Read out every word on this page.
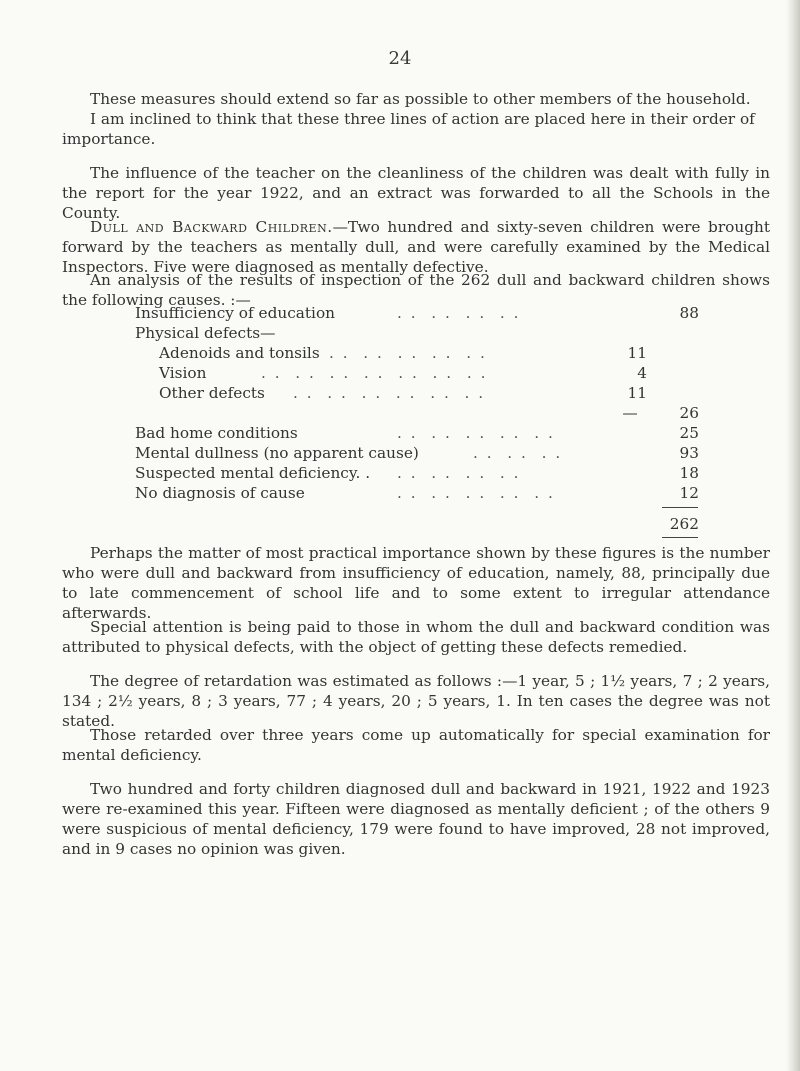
24

These measures should extend so far as possible to other members of the household.

I am inclined to think that these three lines of action are placed here in their order of

importance.

The influence of the teacher on the cleanliness of the children was dealt with fully in the report for the year 1922, and an extract was forwarded to all the Schools in the County.

Dull and Backward Children.—Two hundred and sixty-seven children were brought forward by the teachers as mentally dull, and were carefully examined by the Medical Inspectors. Five were diagnosed as mentally defective.

An analysis of the results of inspection of the 262 dull and backward children shows the following causes. :—

Insufficiency of education	. .  . .  . .  . .	88
Physical defects—
Adenoids and tonsils . .  . .  . .  . .  . .	11
Vision	. .  . .  . .  . .  . .  . .  . .	4
Other defects . .  . .  . .  . .  . .  . .	11
—	26
Bad home conditions	. .  . .  . .  . .  . .	25
Mental dullness (no apparent cause)	. .  . .  . .	93
Suspected mental deficiency. . . .  . .  . .  . .	18
No diagnosis of cause	. .  . .  . .  . .  . .	12
262

Perhaps the matter of most practical importance shown by these figures is the number who were dull and backward from insufficiency of education, namely, 88, principally due to late commencement of school life and to some extent to irregular attendance afterwards.

Special attention is being paid to those in whom the dull and backward condition was attributed to physical defects, with the object of getting these defects remedied.

The degree of retardation was estimated as follows :—1 year, 5 ; 1½ years, 7 ; 2 years, 134 ; 2½ years, 8 ; 3 years, 77 ; 4 years, 20 ; 5 years, 1. In ten cases the degree was not stated.

Those retarded over three years come up automatically for special examination for mental deficiency.

Two hundred and forty children diagnosed dull and backward in 1921, 1922 and 1923 were re-examined this year. Fifteen were diagnosed as mentally deficient ; of the others 9 were suspicious of mental deficiency, 179 were found to have improved, 28 not improved, and in 9 cases no opinion was given.
